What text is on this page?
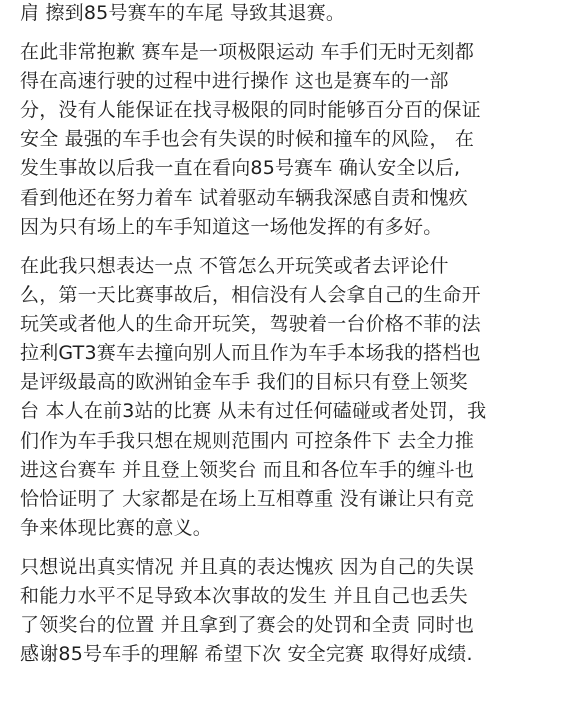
肩 擦到85号赛车的车尾 导致其退赛。
在此非常抱歉 赛车是一项极限运动 车手们无时无刻都
得在高速行驶的过程中进行操作 这也是赛车的一部
分，没有人能保证在找寻极限的同时能够百分百的保证
安全 最强的车手也会有失误的时候和撞车的风险， 在
发生事故以后我一直在看向85号赛车 确认安全以后,
看到他还在努力着车 试着驱动车辆我深感自责和愧疚
因为只有场上的车手知道这一场他发挥的有多好。
在此我只想表达一点 不管怎么开玩笑或者去评论什
么，第一天比赛事故后，相信没有人会拿自己的生命开
玩笑或者他人的生命开玩笑，驾驶着一台价格不菲的法
拉利GT3赛车去撞向别人而且作为车手本场我的搭档也
是评级最高的欧洲铂金车手 我们的目标只有登上领奖
台 本人在前3站的比赛 从未有过任何磕碰或者处罚，我
们作为车手我只想在规则范围内 可控条件下 去全力推
进这台赛车 并且登上领奖台 而且和各位车手的缠斗也
恰恰证明了 大家都是在场上互相尊重 没有谦让只有竞
争来体现比赛的意义。
只想说出真实情况 并且真的表达愧疚 因为自己的失误
和能力水平不足导致本次事故的发生 并且自己也丢失
了领奖台的位置 并且拿到了赛会的处罚和全责 同时也
感谢85号车手的理解 希望下次 安全完赛 取得好成绩.
